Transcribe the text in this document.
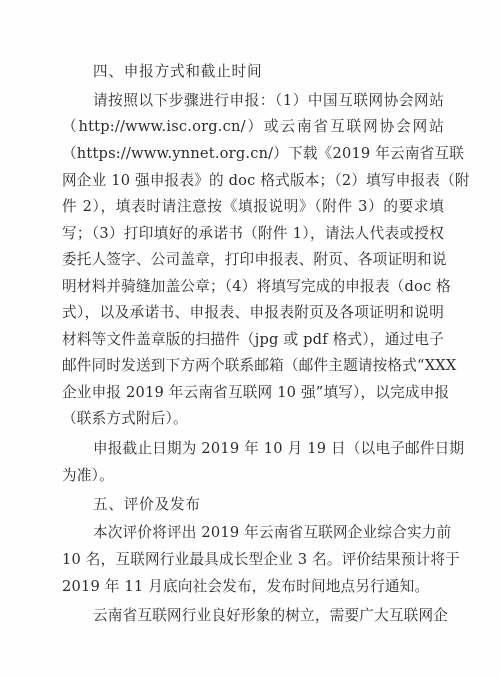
四、申报方式和截止时间
请按照以下步骤进行申报：（1）中国互联网协会网站
（http://www.isc.org.cn/）或云南省互联网协会网站
（https://www.ynnet.org.cn/）下载《2019 年云南省互联
网企业 10 强申报表》的 doc 格式版本；（2）填写申报表（附
件 2），填表时请注意按《填报说明》（附件 3）的要求填
写；（3）打印填好的承诺书（附件 1），请法人代表或授权
委托人签字、公司盖章，打印申报表、附页、各项证明和说
明材料并骑缝加盖公章；（4）将填写完成的申报表（doc 格
式），以及承诺书、申报表、申报表附页及各项证明和说明
材料等文件盖章版的扫描件（jpg 或 pdf 格式），通过电子
邮件同时发送到下方两个联系邮箱（邮件主题请按格式“XXX
企业申报 2019 年云南省互联网 10 强”填写），以完成申报
（联系方式附后）。
申报截止日期为 2019 年 10 月 19 日（以电子邮件日期
为准）。
五、评价及发布
本次评价将评出 2019 年云南省互联网企业综合实力前
10 名，互联网行业最具成长型企业 3 名。评价结果预计将于
2019 年 11 月底向社会发布，发布时间地点另行通知。
云南省互联网行业良好形象的树立，需要广大互联网企
